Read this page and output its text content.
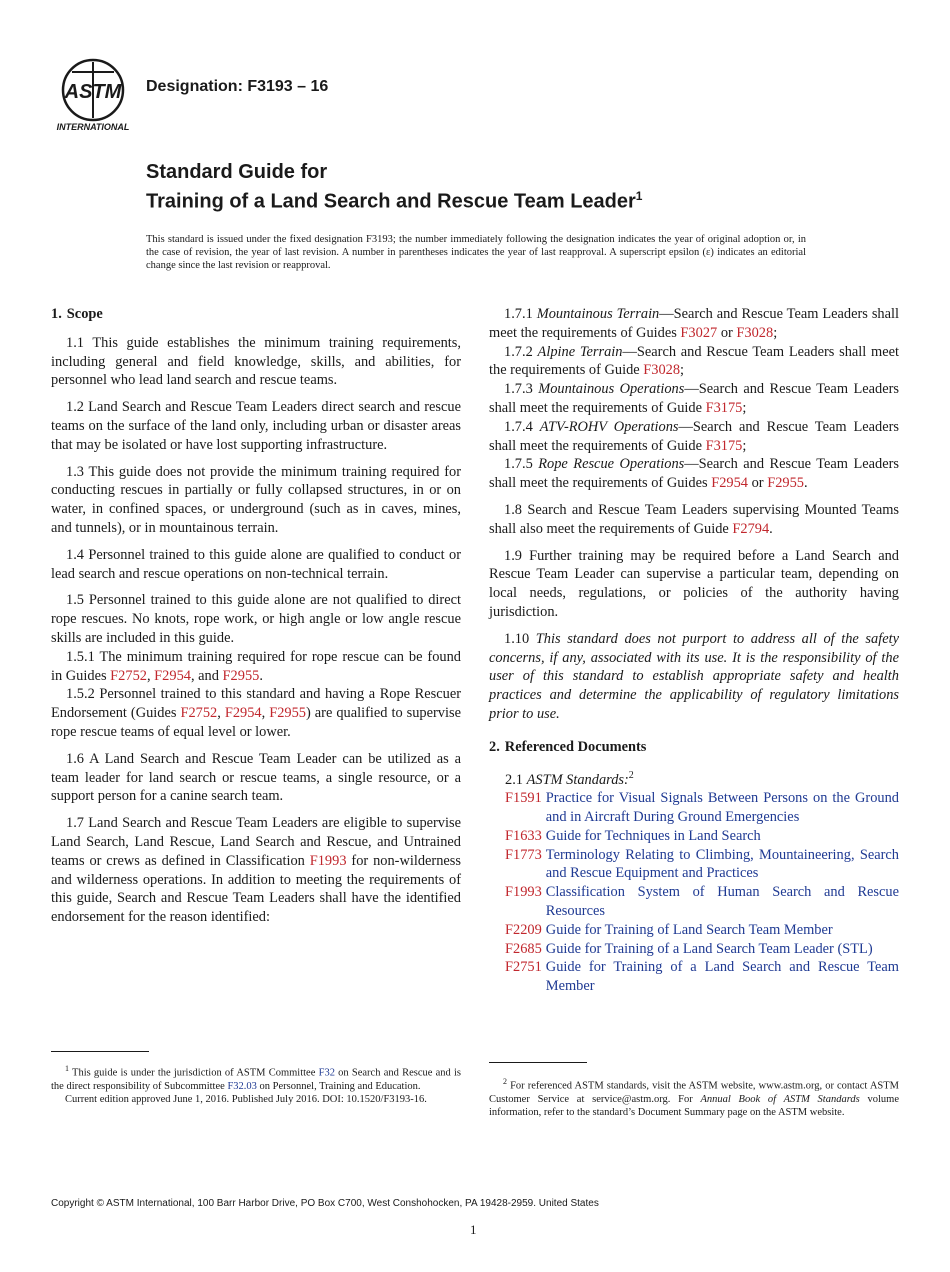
ASTM
INTERNATIONAL
Designation: F3193 – 16
Standard Guide for
Training of a Land Search and Rescue Team Leader$^1$
This standard is issued under the fixed designation F3193; the number immediately following the designation indicates the year of original adoption or, in the case of revision, the year of last revision. A number in parentheses indicates the year of last reapproval. A superscript epsilon (ε) indicates an editorial change since the last revision or reapproval.
1. Scope

1.1 This guide establishes the minimum training requirements, including general and field knowledge, skills, and abilities, for personnel who lead land search and rescue teams.

1.2 Land Search and Rescue Team Leaders direct search and rescue teams on the surface of the land only, including urban or disaster areas that may be isolated or have lost supporting infrastructure.

1.3 This guide does not provide the minimum training required for conducting rescues in partially or fully collapsed structures, in or on water, in confined spaces, or underground (such as in caves, mines, and tunnels), or in mountainous terrain.

1.4 Personnel trained to this guide alone are qualified to conduct or lead search and rescue operations on non-technical terrain.

1.5 Personnel trained to this guide alone are not qualified to direct rope rescues. No knots, rope work, or high angle or low angle rescue skills are included in this guide.

1.5.1 The minimum training required for rope rescue can be found in Guides F2752, F2954, and F2955.

1.5.2 Personnel trained to this standard and having a Rope Rescuer Endorsement (Guides F2752, F2954, F2955) are qualified to supervise rope rescue teams of equal level or lower.

1.6 A Land Search and Rescue Team Leader can be utilized as a team leader for land search or rescue teams, a single resource, or a support person for a canine search team.

1.7 Land Search and Rescue Team Leaders are eligible to supervise Land Search, Land Rescue, Land Search and Rescue, and Untrained teams or crews as defined in Classification F1993 for non-wilderness and wilderness operations. In addition to meeting the requirements of this guide, Search and Rescue Team Leaders shall have the identified endorsement for the reason identified:

1.7.1 Mountainous Terrain—Search and Rescue Team Leaders shall meet the requirements of Guides F3027 or F3028;

1.7.2 Alpine Terrain—Search and Rescue Team Leaders shall meet the requirements of Guide F3028;

1.7.3 Mountainous Operations—Search and Rescue Team Leaders shall meet the requirements of Guide F3175;

1.7.4 ATV-ROHV Operations—Search and Rescue Team Leaders shall meet the requirements of Guide F3175;

1.7.5 Rope Rescue Operations—Search and Rescue Team Leaders shall meet the requirements of Guides F2954 or F2955.

1.8 Search and Rescue Team Leaders supervising Mounted Teams shall also meet the requirements of Guide F2794.

1.9 Further training may be required before a Land Search and Rescue Team Leader can supervise a particular team, depending on local needs, regulations, or policies of the authority having jurisdiction.

1.10 This standard does not purport to address all of the safety concerns, if any, associated with its use. It is the responsibility of the user of this standard to establish appropriate safety and health practices and determine the applicability of regulatory limitations prior to use.

2. Referenced Documents

2.1 ASTM Standards:$^2$

F1591 Practice for Visual Signals Between Persons on the Ground and in Aircraft During Ground Emergencies
F1633 Guide for Techniques in Land Search
F1773 Terminology Relating to Climbing, Mountaineering, Search and Rescue Equipment and Practices
F1993 Classification System of Human Search and Rescue Resources
F2209 Guide for Training of Land Search Team Member
F2685 Guide for Training of a Land Search Team Leader (STL)
F2751 Guide for Training of a Land Search and Rescue Team Member

$^1$ This guide is under the jurisdiction of ASTM Committee F32 on Search and Rescue and is the direct responsibility of Subcommittee F32.03 on Personnel, Training and Education.

Current edition approved June 1, 2016. Published July 2016. DOI: 10.1520/F3193-16.

$^2$ For referenced ASTM standards, visit the ASTM website, www.astm.org, or contact ASTM Customer Service at service@astm.org. For Annual Book of ASTM Standards volume information, refer to the standard’s Document Summary page on the ASTM website.

Copyright © ASTM International, 100 Barr Harbor Drive, PO Box C700, West Conshohocken, PA 19428-2959. United States
1
